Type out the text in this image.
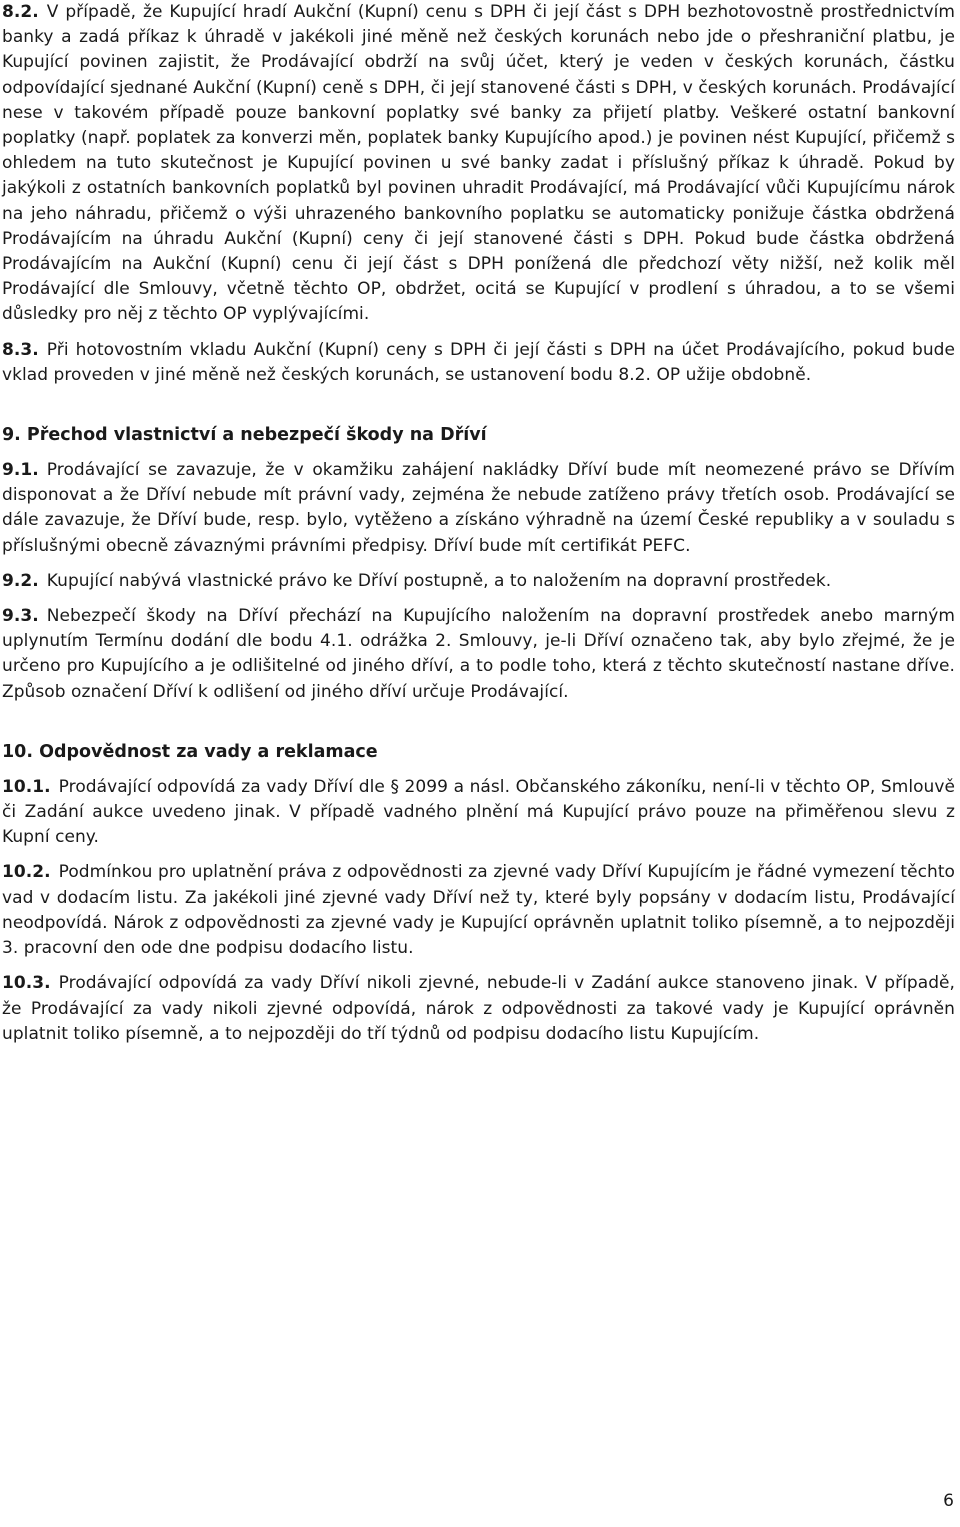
8.2. V případě, že Kupující hradí Aukční (Kupní) cenu s DPH či její část s DPH bezhotovostně prostřednictvím banky a zadá příkaz k úhradě v jakékoli jiné měně než českých korunách nebo jde o přeshraniční platbu, je Kupující povinen zajistit, že Prodávající obdrží na svůj účet, který je veden v českých korunách, částku odpovídající sjednané Aukční (Kupní) ceně s DPH, či její stanovené části s DPH, v českých korunách. Prodávající nese v takovém případě pouze bankovní poplatky své banky za přijetí platby. Veškeré ostatní bankovní poplatky (např. poplatek za konverzi měn, poplatek banky Kupujícího apod.) je povinen nést Kupující, přičemž s ohledem na tuto skutečnost je Kupující povinen u své banky zadat i příslušný příkaz k úhradě. Pokud by jakýkoli z ostatních bankovních poplatků byl povinen uhradit Prodávající, má Prodávající vůči Kupujícímu nárok na jeho náhradu, přičemž o výši uhrazeného bankovního poplatku se automaticky ponižuje částka obdržená Prodávajícím na úhradu Aukční (Kupní) ceny či její stanovené části s DPH. Pokud bude částka obdržená Prodávajícím na Aukční (Kupní) cenu či její část s DPH ponížená dle předchozí věty nižší, než kolik měl Prodávající dle Smlouvy, včetně těchto OP, obdržet, ocitá se Kupující v prodlení s úhradou, a to se všemi důsledky pro něj z těchto OP vyplývajícími.

8.3. Při hotovostním vkladu Aukční (Kupní) ceny s DPH či její části s DPH na účet Prodávajícího, pokud bude vklad proveden v jiné měně než českých korunách, se ustanovení bodu 8.2. OP užije obdobně.

9. Přechod vlastnictví a nebezpečí škody na Dříví

9.1. Prodávající se zavazuje, že v okamžiku zahájení nakládky Dříví bude mít neomezené právo se Dřívím disponovat a že Dříví nebude mít právní vady, zejména že nebude zatíženo právy třetích osob. Prodávající se dále zavazuje, že Dříví bude, resp. bylo, vytěženo a získáno výhradně na území České republiky a v souladu s příslušnými obecně závaznými právními předpisy. Dříví bude mít certifikát PEFC.

9.2. Kupující nabývá vlastnické právo ke Dříví postupně, a to naložením na dopravní prostředek.

9.3. Nebezpečí škody na Dříví přechází na Kupujícího naložením na dopravní prostředek anebo marným uplynutím Termínu dodání dle bodu 4.1. odrážka 2. Smlouvy, je-li Dříví označeno tak, aby bylo zřejmé, že je určeno pro Kupujícího a je odlišitelné od jiného dříví, a to podle toho, která z těchto skutečností nastane dříve. Způsob označení Dříví k odlišení od jiného dříví určuje Prodávající.

10. Odpovědnost za vady a reklamace

10.1. Prodávající odpovídá za vady Dříví dle § 2099 a násl. Občanského zákoníku, není-li v těchto OP, Smlouvě či Zadání aukce uvedeno jinak. V případě vadného plnění má Kupující právo pouze na přiměřenou slevu z Kupní ceny.

10.2. Podmínkou pro uplatnění práva z odpovědnosti za zjevné vady Dříví Kupujícím je řádné vymezení těchto vad v dodacím listu. Za jakékoli jiné zjevné vady Dříví než ty, které byly popsány v dodacím listu, Prodávající neodpovídá. Nárok z odpovědnosti za zjevné vady je Kupující oprávněn uplatnit toliko písemně, a to nejpozději 3. pracovní den ode dne podpisu dodacího listu.

10.3. Prodávající odpovídá za vady Dříví nikoli zjevné, nebude-li v Zadání aukce stanoveno jinak. V případě, že Prodávající za vady nikoli zjevné odpovídá, nárok z odpovědnosti za takové vady je Kupující oprávněn uplatnit toliko písemně, a to nejpozději do tří týdnů od podpisu dodacího listu Kupujícím.

6
